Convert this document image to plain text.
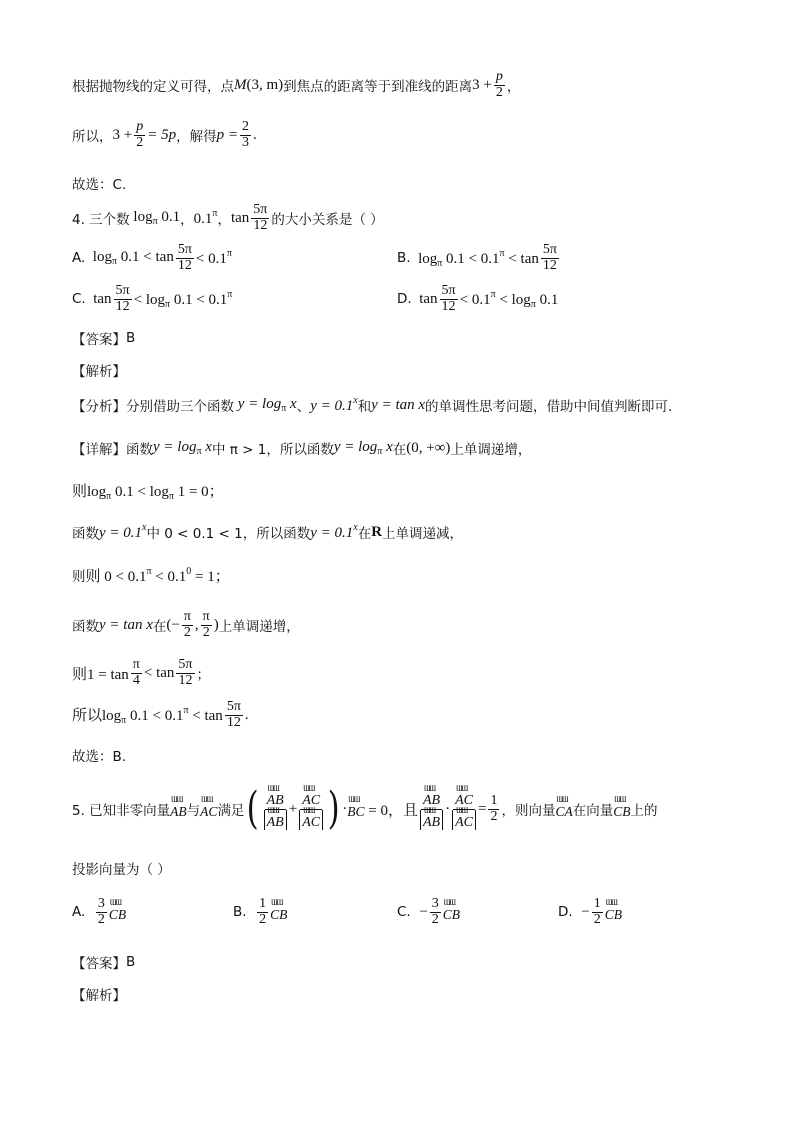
根据抛物线的定义可得，点 M (3, m) 到焦点的距离等于到准线的距离 $3 + \frac{p}{2}$ ，
所以， $3 + \frac{p}{2} = 5p$ ，解得 $p = \frac{2}{3}$ .
故选：C.
4. 三个数 $\log_\pi 0.1$ ， $0.1^\pi$ ， $\tan \frac{5\pi}{12}$ 的大小关系是（ ）
A. $\log_\pi 0.1 < \tan \frac{5\pi}{12} < 0.1^\pi$	B. $\log_\pi 0.1 < 0.1^\pi < \tan \frac{5\pi}{12}$
C. $\tan \frac{5\pi}{12} < \log_\pi 0.1 < 0.1^\pi$	D. $\tan \frac{5\pi}{12} < 0.1^\pi < \log_\pi 0.1$
【答案】 B
【解析】
【分析】 分别借助三个函数 $y = \log_\pi x$ 、 $y = 0.1^x$ 和 y = tan x 的单调性思考问题，借助中间值判断即可.
【详解】 函数 $y = \log_\pi x$ 中 π > 1，所以函数 $y = \log_\pi x$ 在 (0, +∞) 上单调递增，
则$\log_\pi 0.1 < \log_\pi 1 = 0$；
函数 $y = 0.1^x$ 中 0 < 0.1 < 1，所以函数 $y = 0.1^x$ 在 R 上单调递减，
则则 $0 < 0.1^\pi < 0.1^0 = 1$；
函数 y = tan x 在 (− $\frac{\pi}{2}$ , $\frac{\pi}{2}$ ) 上单调递增，
则$1 = \tan \frac{\pi}{4} < \tan \frac{5\pi}{12}$ ；
所以$\log_\pi 0.1 < 0.1^\pi < \tan \frac{5\pi}{12}$ .
故选：B.
5. 已知非零向量 ƜƜ AB 与 ƜƜ AC 满足 ( ƜƜ AB
ƜƜ AB + ƜƜ AC
ƜƜ AC ) · ƜƜ BC = 0，且 ƜƜ AB
ƜƜ AB · ƜƜ AC
ƜƜ AC = $\frac{1}{2}$ ，则向量 ƜƜ CA 在向量 ƜƜ CB 上的
投影向量为（ ）
A.
$\frac{3}{2}$ ƜƜ CB	B.
$\frac{1}{2}$ ƜƜ CB	C.
− $\frac{3}{2}$ ƜƜ CB	D.
− $\frac{1}{2}$ ƜƜ CB
【答案】 B
【解析】
